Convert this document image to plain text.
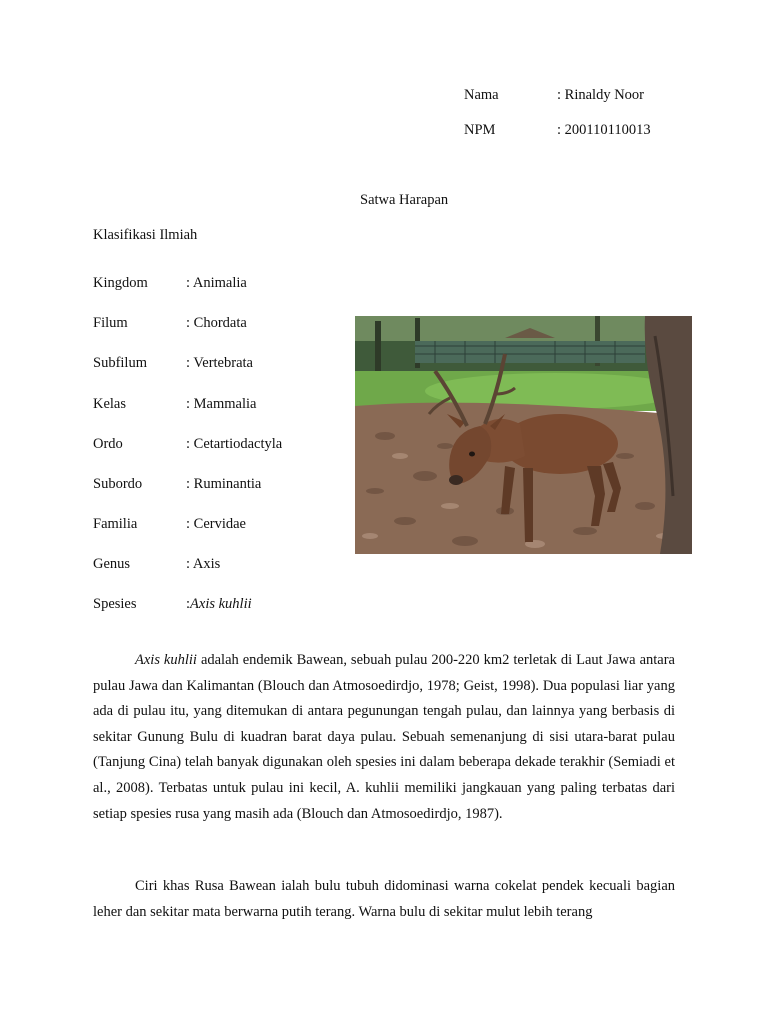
Nama	: Rinaldy Noor
NPM	: 200110110013
Satwa Harapan
Klasifikasi Ilmiah
Kingdom	: Animalia
Filum	: Chordata
Subfilum	: Vertebrata
Kelas	: Mammalia
Ordo	: Cetartiodactyla
Subordo	: Ruminantia
Familia	: Cervidae
Genus	: Axis
Spesies	:Axis kuhlii

Axis kuhlii adalah endemik Bawean, sebuah pulau 200-220 km2 terletak di Laut Jawa antara pulau Jawa dan Kalimantan (Blouch dan Atmosoedirdjo, 1978; Geist, 1998). Dua populasi liar yang ada di pulau itu, yang ditemukan di antara pegunungan tengah pulau, dan lainnya yang berbasis di sekitar Gunung Bulu di kuadran barat daya pulau. Sebuah semenanjung di sisi utara-barat pulau (Tanjung Cina) telah banyak digunakan oleh spesies ini dalam beberapa dekade terakhir (Semiadi et al., 2008). Terbatas untuk pulau ini kecil, A. kuhlii memiliki jangkauan yang paling terbatas dari setiap spesies rusa yang masih ada (Blouch dan Atmosoedirdjo, 1987).

Ciri khas Rusa Bawean ialah bulu tubuh didominasi warna cokelat pendek kecuali bagian leher dan sekitar mata berwarna putih terang. Warna bulu di sekitar mulut lebih terang
